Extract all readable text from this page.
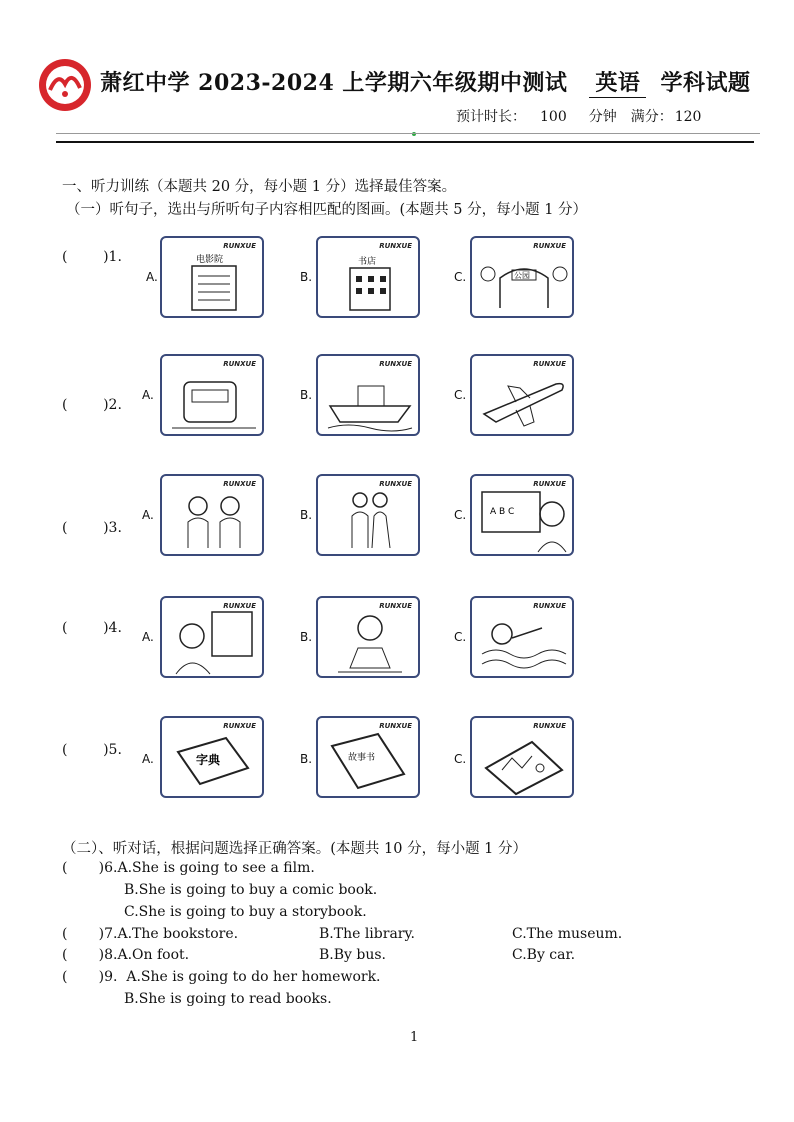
萧红中学 2023-2024 上学期六年级期中测试 英语 学科试题
预计时长： 100 分钟 满分： 120
一、听力训练（本题共 20 分，每小题 1 分）选择最佳答案。
（一）听句子，选出与所听句子内容相匹配的图画。(本题共 5 分，每小题 1 分）
(        )1.
A.
RUNXUE
电影院
B.
RUNXUE
书店
C.
RUNXUE
公园
(        )2.
A.
RUNXUE
B.
RUNXUE
C.
RUNXUE
(        )3.
A.
RUNXUE
B.
RUNXUE
C.
RUNXUE
A B C
(        )4.
A.
RUNXUE
B.
RUNXUE
C.
RUNXUE
(        )5.
A.
RUNXUE
字典	B.
RUNXUE
故事书	C.
RUNXUE
（二）、听对话，根据问题选择正确答案。(本题共 10 分，每小题 1 分）
(       )6.A.She is going to see a film.
B.She is going to buy a comic book.
C.She is going to buy a storybook.
(       )7.A.The bookstore.	B.The library.	C.The museum.
(       )8.A.On foot.	B.By bus.	C.By car.
(       )9. A.She is going to do her homework.
B.She is going to read books.
1
